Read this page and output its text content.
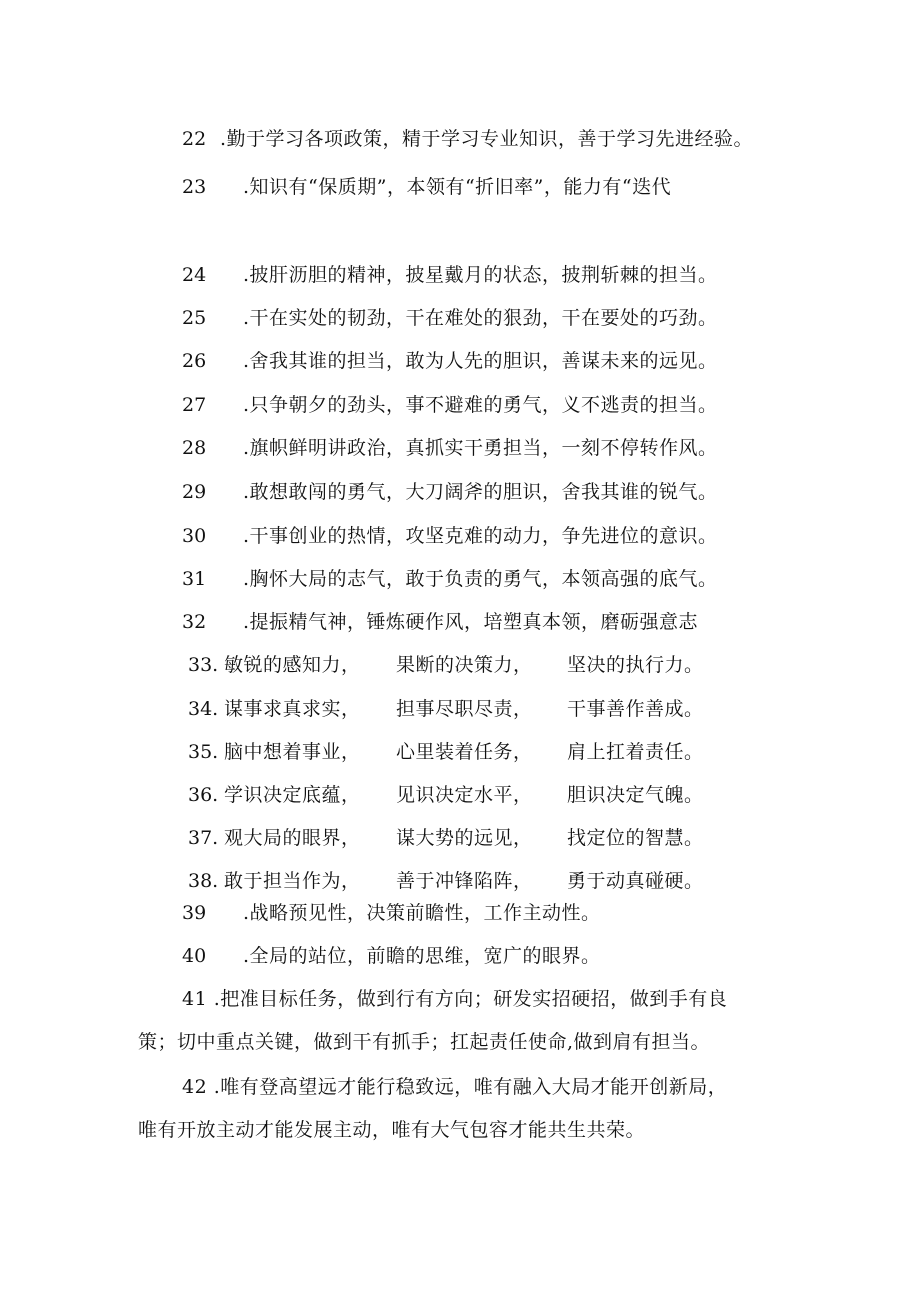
22 .勤于学习各项政策，精于学习专业知识，善于学习先进经验。
23 .知识有“保质期”，本领有“折旧率”，能力有“迭代
24 .披肝沥胆的精神，披星戴月的状态，披荆斩棘的担当。
25 .干在实处的韧劲，干在难处的狠劲，干在要处的巧劲。
26 .舍我其谁的担当，敢为人先的胆识，善谋未来的远见。
27 .只争朝夕的劲头，事不避难的勇气，义不逃责的担当。
28 .旗帜鲜明讲政治，真抓实干勇担当，一刻不停转作风。
29 .敢想敢闯的勇气，大刀阔斧的胆识，舍我其谁的锐气。
30 .干事创业的热情，攻坚克难的动力，争先进位的意识。
31 .胸怀大局的志气，敢于负责的勇气，本领高强的底气。
32 .提振精气神，锤炼硬作风，培塑真本领，磨砺强意志
33. 敏锐的感知力， 果断的决策力， 坚决的执行力。
34. 谋事求真求实， 担事尽职尽责， 干事善作善成。
35. 脑中想着事业， 心里装着任务， 肩上扛着责任。
36. 学识决定底蕴， 见识决定水平， 胆识决定气魄。
37. 观大局的眼界， 谋大势的远见， 找定位的智慧。
38. 敢于担当作为， 善于冲锋陷阵， 勇于动真碰硬。
39 .战略预见性，决策前瞻性，工作主动性。
40 .全局的站位，前瞻的思维，宽广的眼界。
41 .把准目标任务，做到行有方向；研发实招硬招，做到手有良
策；切中重点关键，做到干有抓手；扛起责任使命,做到肩有担当。
42 .唯有登高望远才能行稳致远，唯有融入大局才能开创新局，
唯有开放主动才能发展主动，唯有大气包容才能共生共荣。
